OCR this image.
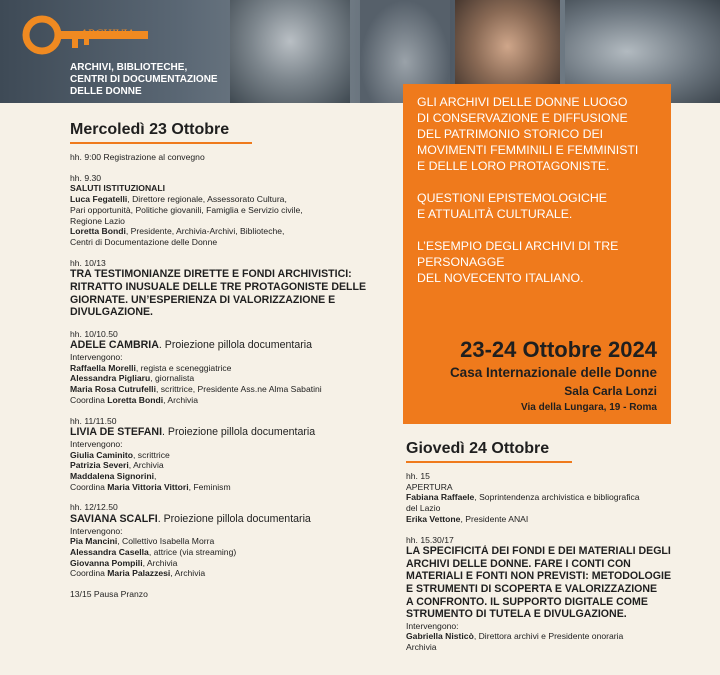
ARCHIVIA
ARCHIVI, BIBLIOTECHE,
CENTRI DI DOCUMENTAZIONE
DELLE DONNE
GLI ARCHIVI DELLE DONNE LUOGO
DI CONSERVAZIONE E DIFFUSIONE
DEL PATRIMONIO STORICO DEI
MOVIMENTI FEMMINILI E FEMMINISTI
E DELLE LORO PROTAGONISTE.
QUESTIONI EPISTEMOLOGICHE
E ATTUALITÀ CULTURALE.
L’ESEMPIO DEGLI ARCHIVI DI TRE
PERSONAGGE
DEL NOVECENTO ITALIANO.
23-24 Ottobre 2024
Casa Internazionale delle Donne
Sala Carla Lonzi
Via della Lungara, 19 - Roma
Mercoledì 23 Ottobre
hh. 9:00 Registrazione al convegno
hh. 9.30
SALUTI ISTITUZIONALI
Luca Fegatelli, Direttore regionale, Assessorato Cultura,
Pari opportunità, Politiche giovanili, Famiglia e Servizio civile,
Regione Lazio
Loretta Bondi, Presidente, Archivia-Archivi, Biblioteche,
Centri di Documentazione delle Donne
hh. 10/13
TRA TESTIMONIANZE DIRETTE E FONDI ARCHIVISTICI:
RITRATTO INUSUALE DELLE TRE PROTAGONISTE DELLE
GIORNATE. UN’ESPERIENZA DI VALORIZZAZIONE E
DIVULGAZIONE.
hh. 10/10.50
ADELE CAMBRIA. Proiezione pillola documentaria
Intervengono:
Raffaella Morelli, regista e sceneggiatrice
Alessandra Pigliaru, giornalista
Maria Rosa Cutrufelli, scrittrice, Presidente Ass.ne Alma Sabatini
Coordina Loretta Bondi, Archivia
hh. 11/11.50
LIVIA DE STEFANI. Proiezione pillola documentaria
Intervengono:
Giulia Caminito, scrittrice
Patrizia Severi, Archivia
Maddalena Signorini,
Coordina Maria Vittoria Vittori, Feminism
hh. 12/12.50
SAVIANA SCALFI. Proiezione pillola documentaria
Intervengono:
Pia Mancini, Collettivo Isabella Morra
Alessandra Casella, attrice (via streaming)
Giovanna Pompili, Archivia
Coordina Maria Palazzesi, Archivia
13/15 Pausa Pranzo
Giovedì 24 Ottobre
hh. 15
APERTURA
Fabiana Raffaele, Soprintendenza archivistica e bibliografica
del Lazio
Erika Vettone, Presidente ANAI
hh. 15.30/17
LA SPECIFICITÀ DEI FONDI E DEI MATERIALI DEGLI
ARCHIVI DELLE DONNE. FARE I CONTI CON
MATERIALI E FONTI NON PREVISTI: METODOLOGIE
E STRUMENTI DI SCOPERTA E VALORIZZAZIONE
A CONFRONTO. IL SUPPORTO DIGITALE COME
STRUMENTO DI TUTELA E DIVULGAZIONE.
Intervengono:
Gabriella Nisticò, Direttora archivi e Presidente onoraria
Archivia
